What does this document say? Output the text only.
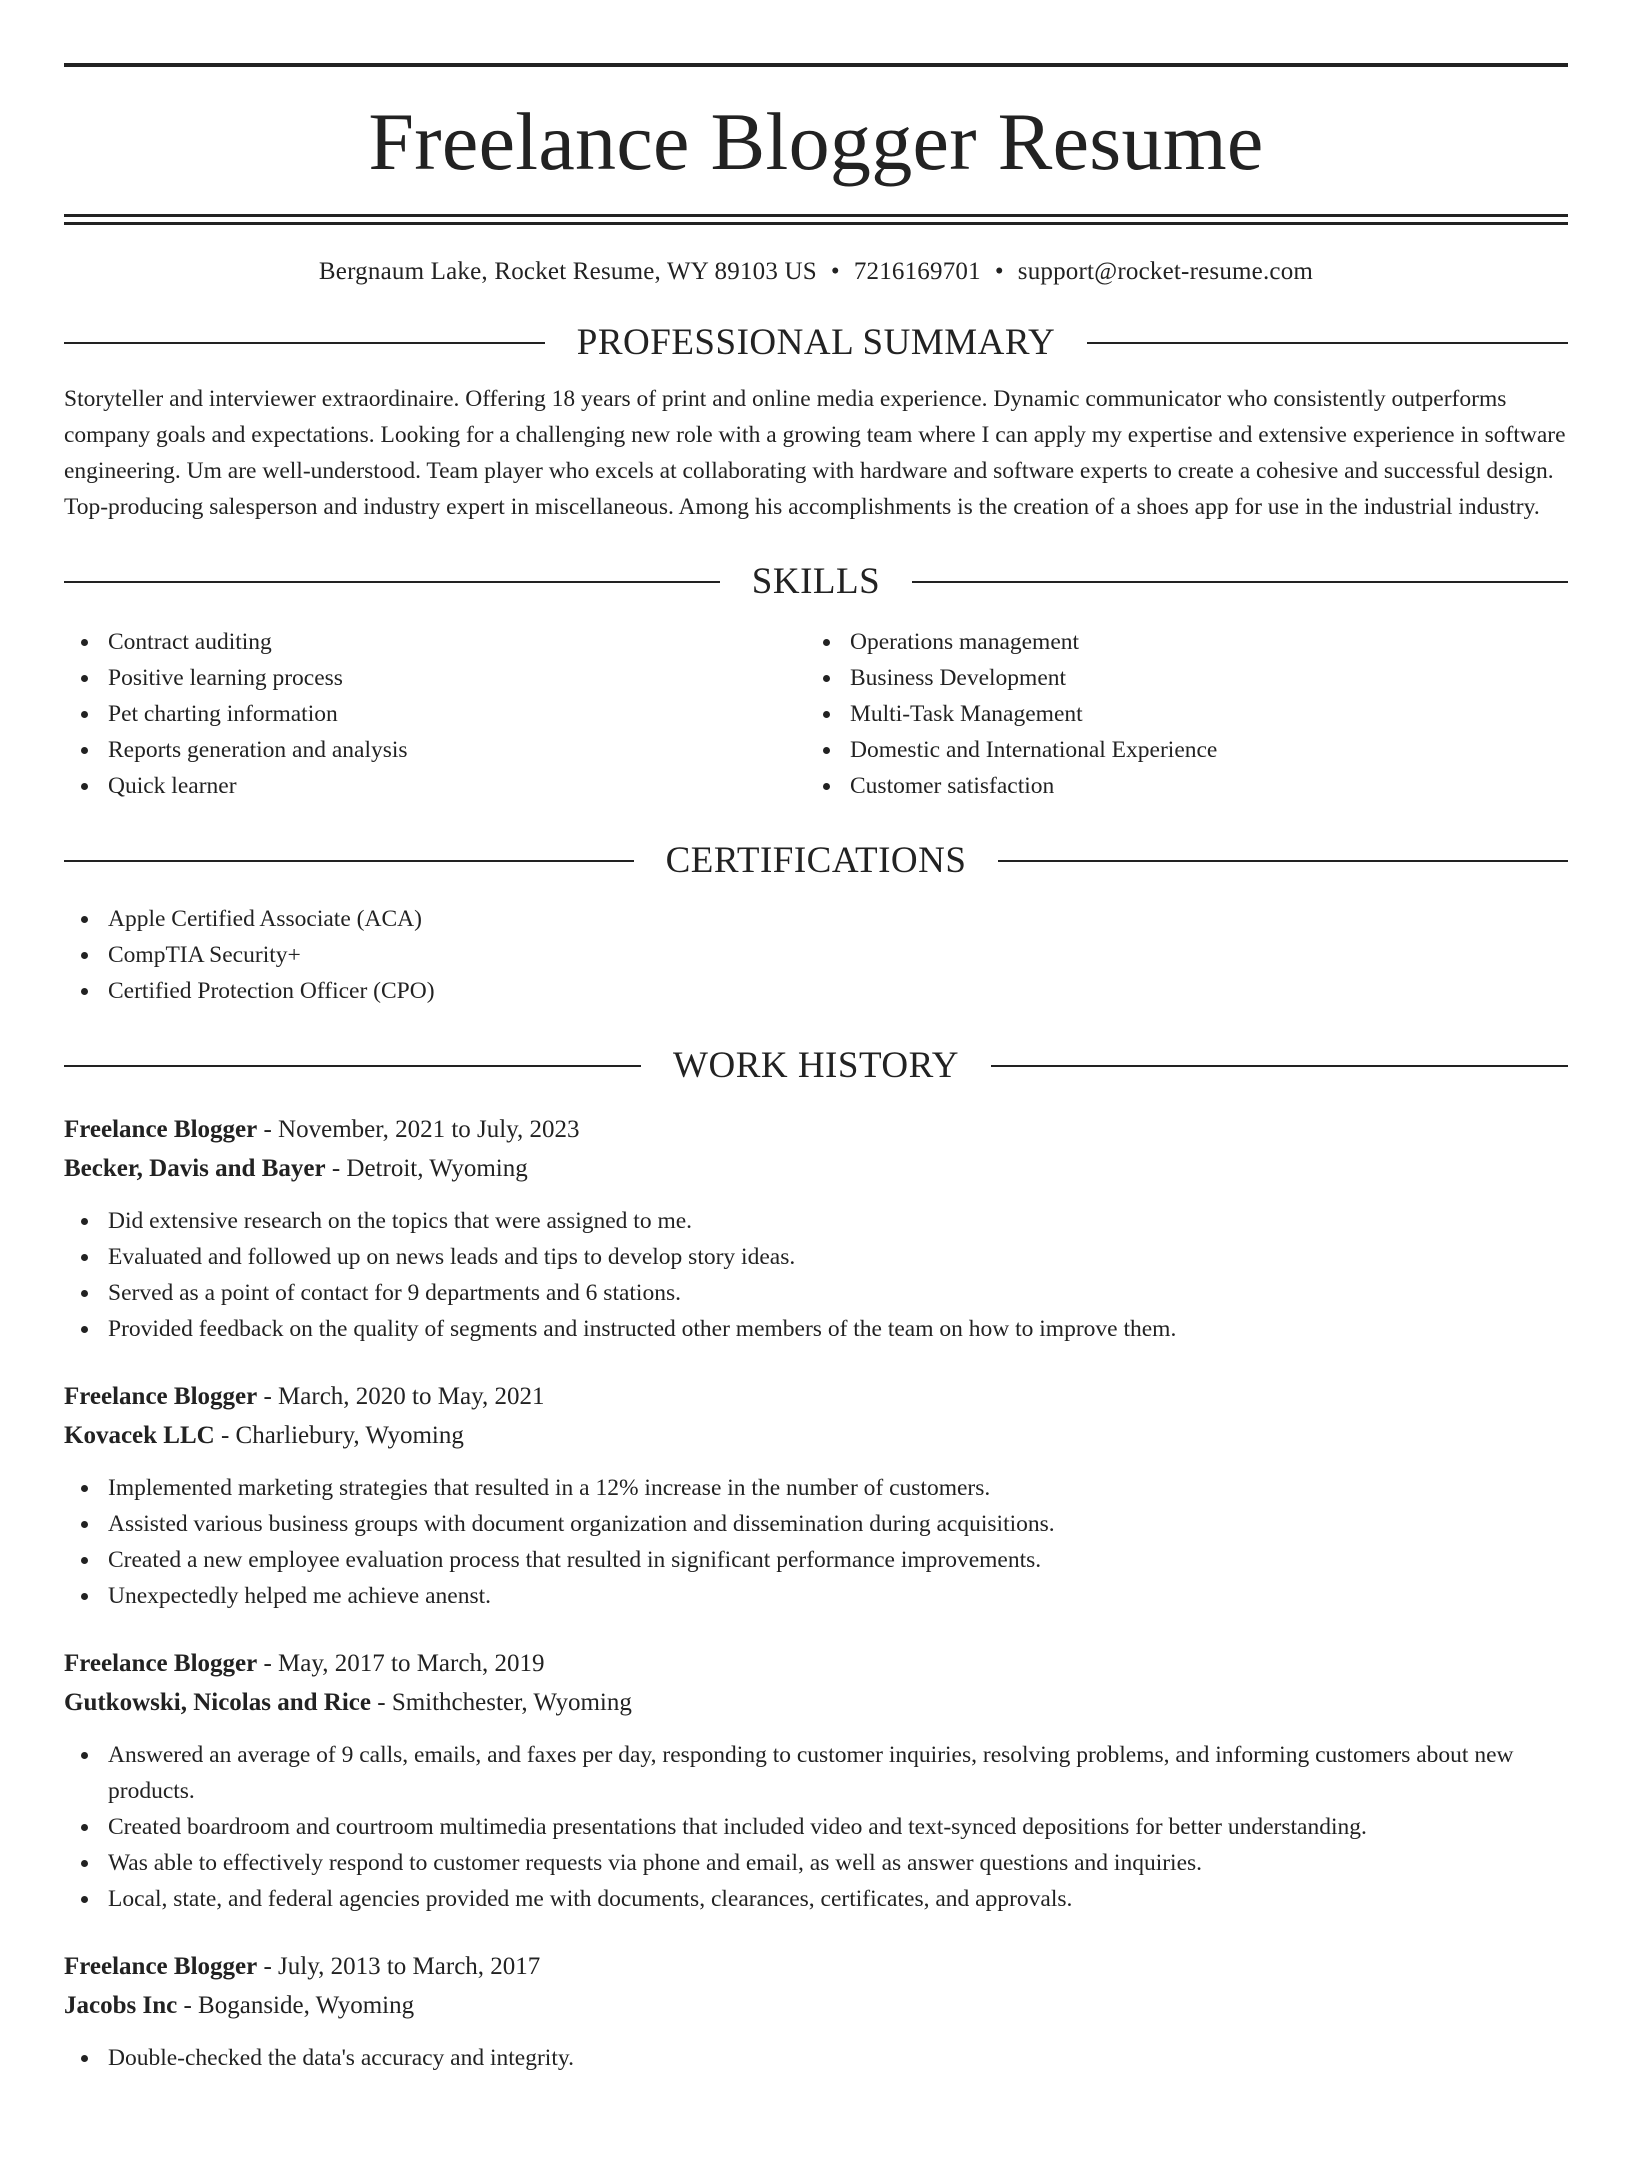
Freelance Blogger Resume
Bergnaum Lake, Rocket Resume, WY 89103 US • 7216169701 • support@rocket-resume.com
PROFESSIONAL SUMMARY

Storyteller and interviewer extraordinaire. Offering 18 years of print and online media experience. Dynamic communicator who consistently outperforms company goals and expectations. Looking for a challenging new role with a growing team where I can apply my expertise and extensive experience in software engineering. Um are well-understood. Team player who excels at collaborating with hardware and software experts to create a cohesive and successful design. Top-producing salesperson and industry expert in miscellaneous. Among his accomplishments is the creation of a shoes app for use in the industrial industry.

SKILLS
Contract auditing
Positive learning process
Pet charting information
Reports generation and analysis
Quick learner
Operations management
Business Development
Multi-Task Management
Domestic and International Experience
Customer satisfaction
CERTIFICATIONS
Apple Certified Associate (ACA)
CompTIA Security+
Certified Protection Officer (CPO)
WORK HISTORY
Freelance Blogger - November, 2021 to July, 2023
Becker, Davis and Bayer - Detroit, Wyoming
Did extensive research on the topics that were assigned to me.
Evaluated and followed up on news leads and tips to develop story ideas.
Served as a point of contact for 9 departments and 6 stations.
Provided feedback on the quality of segments and instructed other members of the team on how to improve them.
Freelance Blogger - March, 2020 to May, 2021
Kovacek LLC - Charliebury, Wyoming
Implemented marketing strategies that resulted in a 12% increase in the number of customers.
Assisted various business groups with document organization and dissemination during acquisitions.
Created a new employee evaluation process that resulted in significant performance improvements.
Unexpectedly helped me achieve anenst.
Freelance Blogger - May, 2017 to March, 2019
Gutkowski, Nicolas and Rice - Smithchester, Wyoming
Answered an average of 9 calls, emails, and faxes per day, responding to customer inquiries, resolving problems, and informing customers about new products.
Created boardroom and courtroom multimedia presentations that included video and text-synced depositions for better understanding.
Was able to effectively respond to customer requests via phone and email, as well as answer questions and inquiries.
Local, state, and federal agencies provided me with documents, clearances, certificates, and approvals.
Freelance Blogger - July, 2013 to March, 2017
Jacobs Inc - Boganside, Wyoming
Double-checked the data's accuracy and integrity.
